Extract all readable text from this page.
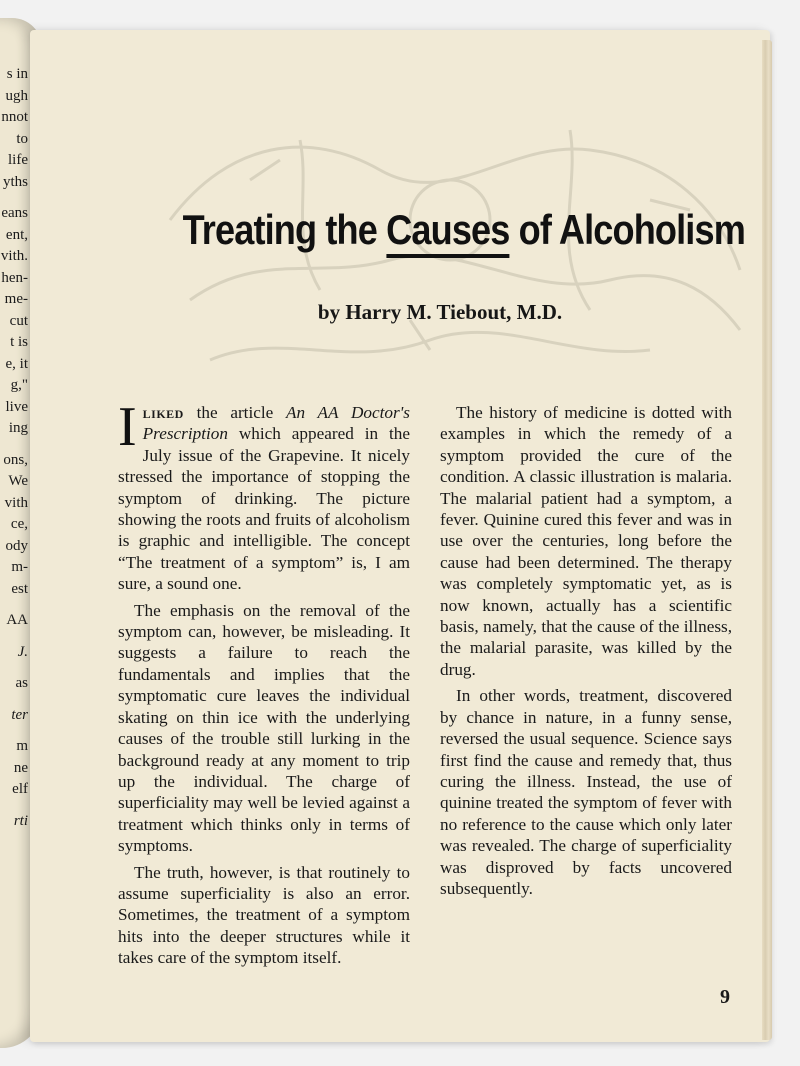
s in
ugh
nnot
to
life
yths
eans
ent,
vith.
hen-
me-
cut
t is
e, it
g,"
live
ing
ons,
We
vith
ce,
ody
m-
est
AA
J.
as
ter
m
ne
elf
rti
Treating the Causes of Alcoholism
by Harry M. Tiebout, M.D.

Iliked the article An AA Doctor's Prescription which appeared in the July issue of the Grapevine. It nicely stressed the importance of stopping the symptom of drinking. The picture showing the roots and fruits of alcoholism is graphic and intelligible. The concept “The treatment of a symptom” is, I am sure, a sound one.

The emphasis on the removal of the symptom can, however, be misleading. It suggests a failure to reach the fundamentals and implies that the symptomatic cure leaves the individual skating on thin ice with the underlying causes of the trouble still lurking in the background ready at any moment to trip up the individual. The charge of superficiality may well be levied against a treatment which thinks only in terms of symptoms.

The truth, however, is that routinely to assume superficiality is also an error. Sometimes, the treatment of a symptom hits into the deeper structures while it takes care of the symptom itself.

The history of medicine is dotted with examples in which the remedy of a symptom provided the cure of the condition. A classic illustration is malaria. The malarial patient had a symptom, a fever. Quinine cured this fever and was in use over the centuries, long before the cause had been determined. The therapy was completely symptomatic yet, as is now known, actually has a scientific basis, namely, that the cause of the illness, the malarial parasite, was killed by the drug.

In other words, treatment, discovered by chance in nature, in a funny sense, reversed the usual sequence. Science says first find the cause and remedy that, thus curing the illness. Instead, the use of quinine treated the symptom of fever with no reference to the cause which only later was revealed. The charge of superficiality was disproved by facts uncovered subsequently.

9
